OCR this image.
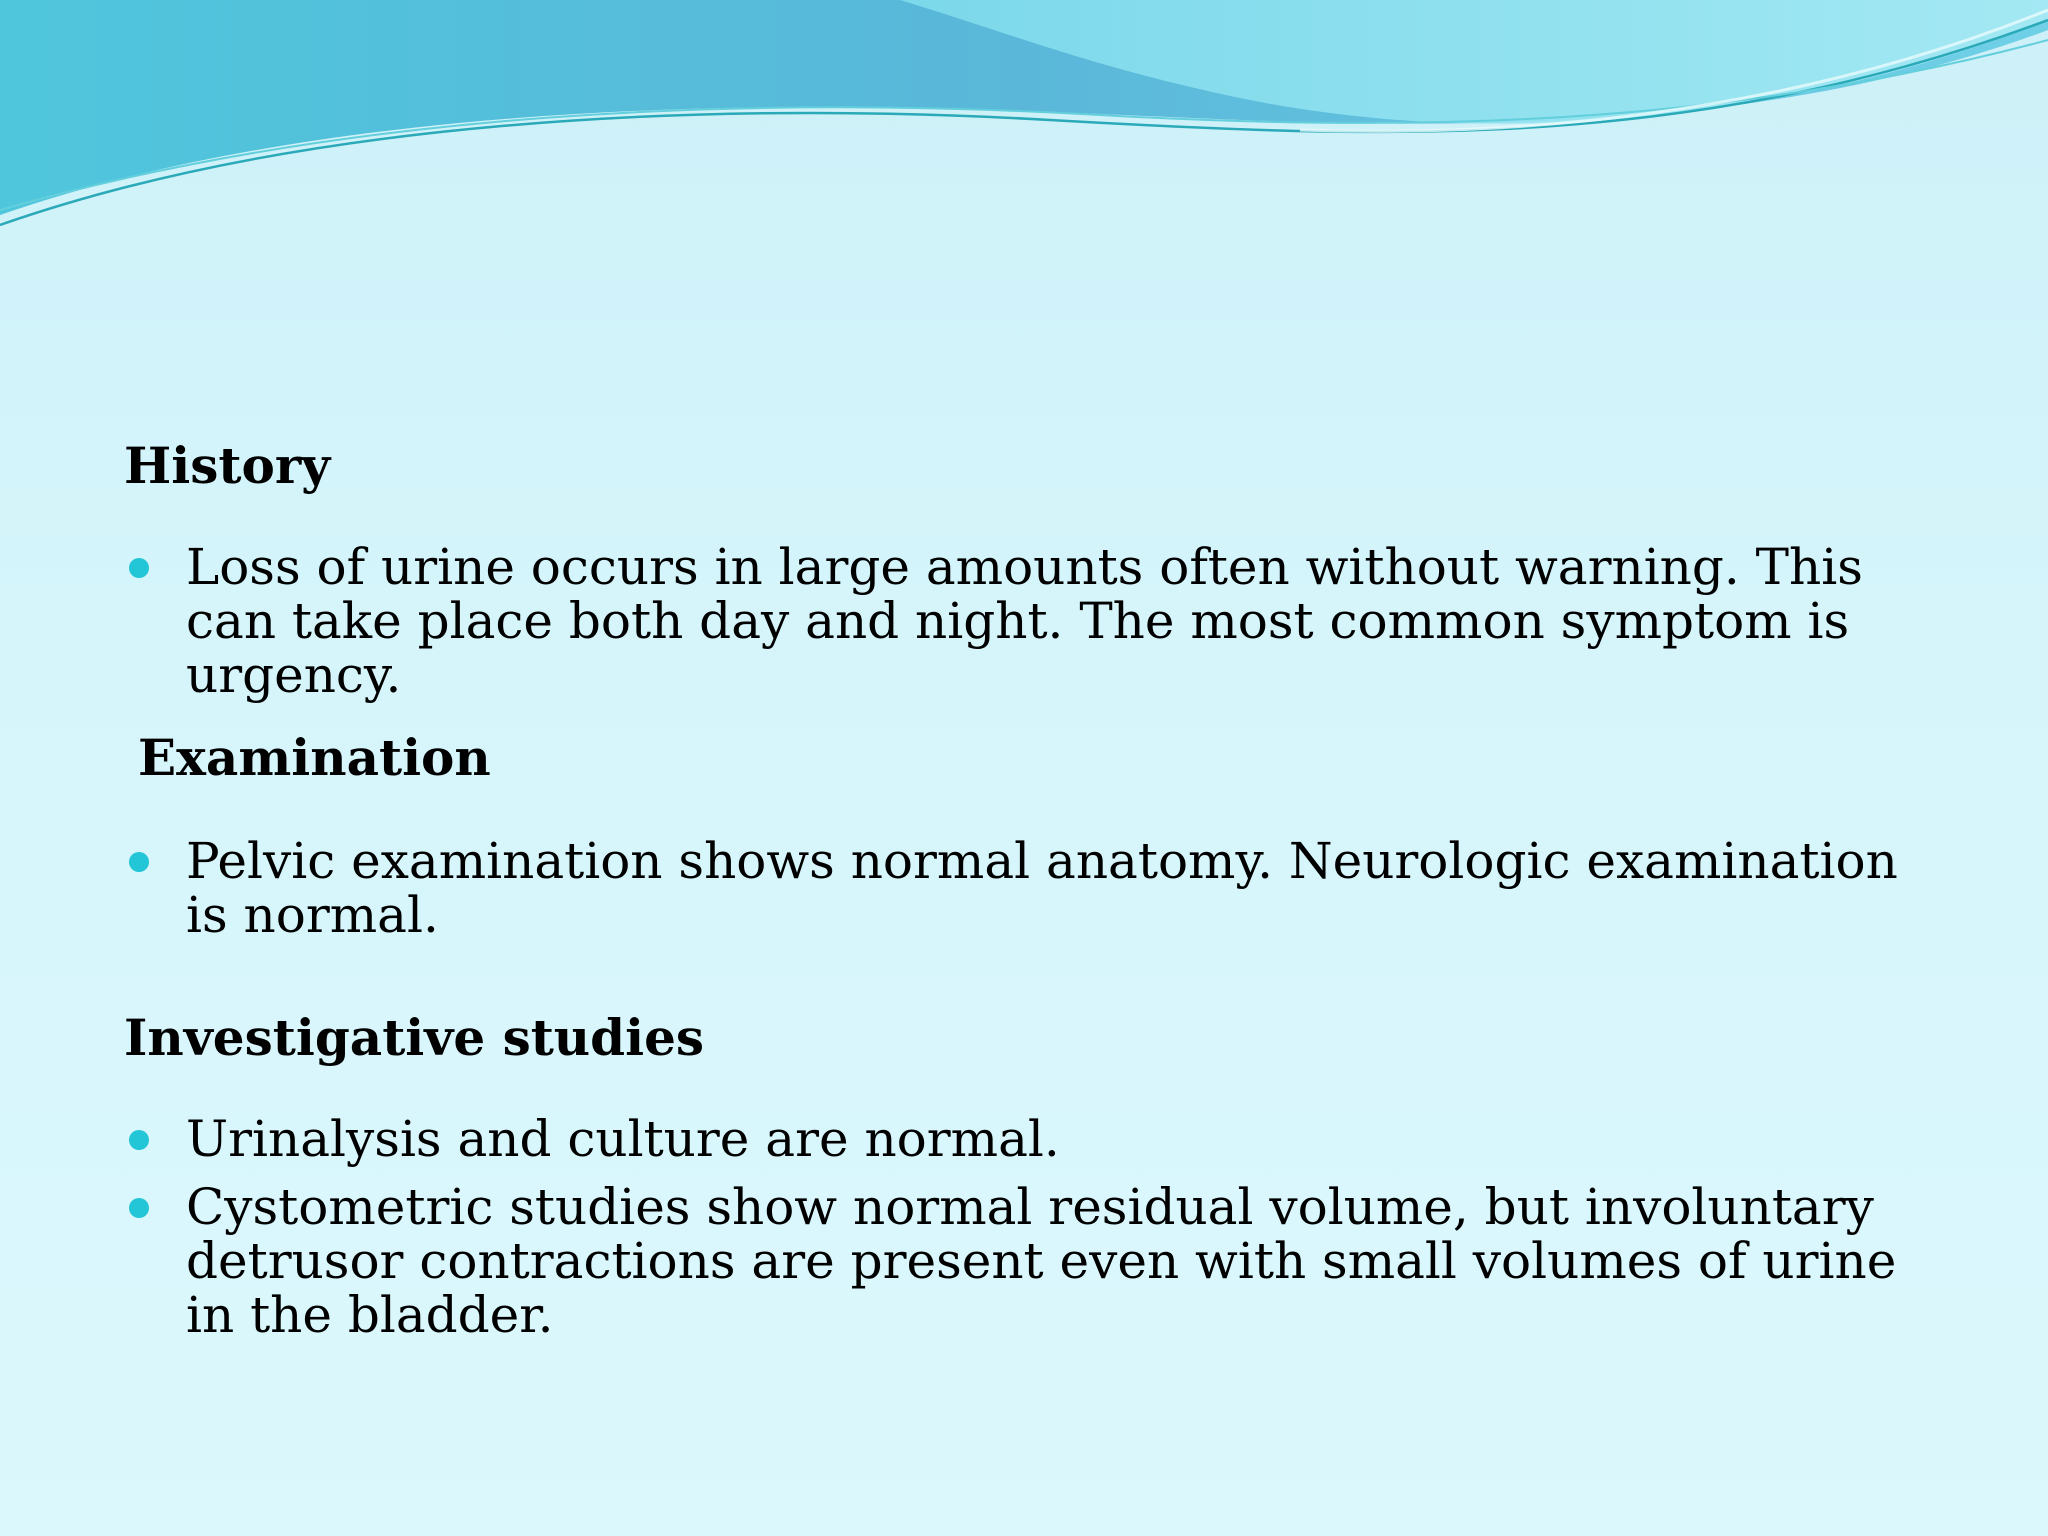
History
Loss of urine occurs in large amounts often without warning. This can take place both day and night. The most common symptom is urgency.
Examination
Pelvic examination shows normal anatomy. Neurologic examination is normal.
Investigative studies
Urinalysis and culture are normal.
Cystometric studies show normal residual volume, but involuntary detrusor contractions are present even with small volumes of urine in the bladder.
